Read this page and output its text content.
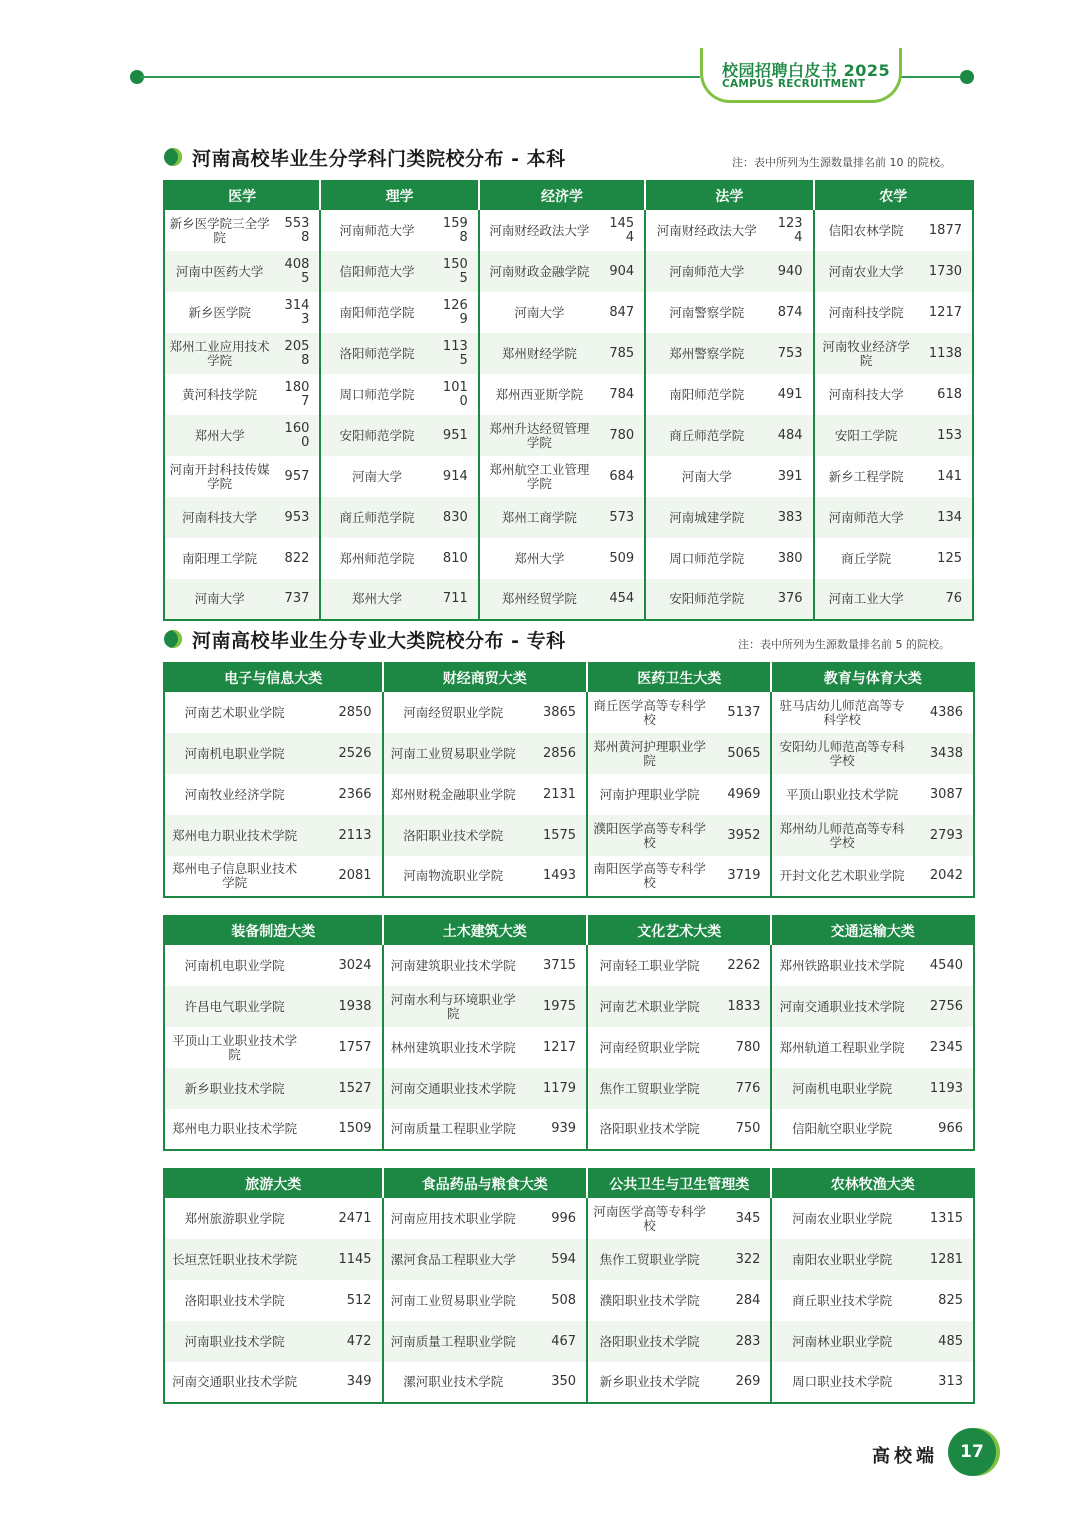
校园招聘白皮书 2025
CAMPUS RECRUITMENT
河南高校毕业生分学科门类院校分布 - 本科	注：表中所列为生源数量排名前 10 的院校。
医学		理学		经济学		法学		农学	
新乡医学院三全学院	5538	河南师范大学	1598	河南财经政法大学	1454	河南财经政法大学	1234	信阳农林学院	1877
河南中医药大学	4085	信阳师范大学	1505	河南财政金融学院	904	河南师范大学	940	河南农业大学	1730
新乡医学院	3143	南阳师范学院	1269	河南大学	847	河南警察学院	874	河南科技学院	1217
郑州工业应用技术学院	2058	洛阳师范学院	1135	郑州财经学院	785	郑州警察学院	753	河南牧业经济学院	1138
黄河科技学院	1807	周口师范学院	1010	郑州西亚斯学院	784	南阳师范学院	491	河南科技大学	618
郑州大学	1600	安阳师范学院	951	郑州升达经贸管理学院	780	商丘师范学院	484	安阳工学院	153
河南开封科技传媒学院	957	河南大学	914	郑州航空工业管理学院	684	河南大学	391	新乡工程学院	141
河南科技大学	953	商丘师范学院	830	郑州工商学院	573	河南城建学院	383	河南师范大学	134
南阳理工学院	822	郑州师范学院	810	郑州大学	509	周口师范学院	380	商丘学院	125
河南大学	737	郑州大学	711	郑州经贸学院	454	安阳师范学院	376	河南工业大学	76
河南高校毕业生分专业大类院校分布 - 专科	注：表中所列为生源数量排名前 5 的院校。
电子与信息大类		财经商贸大类		医药卫生大类		教育与体育大类	
河南艺术职业学院	2850	河南经贸职业学院	3865	商丘医学高等专科学校	5137	驻马店幼儿师范高等专科学校	4386
河南机电职业学院	2526	河南工业贸易职业学院	2856	郑州黄河护理职业学院	5065	安阳幼儿师范高等专科学校	3438
河南牧业经济学院	2366	郑州财税金融职业学院	2131	河南护理职业学院	4969	平顶山职业技术学院	3087
郑州电力职业技术学院	2113	洛阳职业技术学院	1575	濮阳医学高等专科学校	3952	郑州幼儿师范高等专科学校	2793
郑州电子信息职业技术学院	2081	河南物流职业学院	1493	南阳医学高等专科学校	3719	开封文化艺术职业学院	2042
装备制造大类		土木建筑大类		文化艺术大类		交通运输大类	
河南机电职业学院	3024	河南建筑职业技术学院	3715	河南轻工职业学院	2262	郑州铁路职业技术学院	4540
许昌电气职业学院	1938	河南水利与环境职业学院	1975	河南艺术职业学院	1833	河南交通职业技术学院	2756
平顶山工业职业技术学院	1757	林州建筑职业技术学院	1217	河南经贸职业学院	780	郑州轨道工程职业学院	2345
新乡职业技术学院	1527	河南交通职业技术学院	1179	焦作工贸职业学院	776	河南机电职业学院	1193
郑州电力职业技术学院	1509	河南质量工程职业学院	939	洛阳职业技术学院	750	信阳航空职业学院	966
旅游大类		食品药品与粮食大类		公共卫生与卫生管理类		农林牧渔大类	
郑州旅游职业学院	2471	河南应用技术职业学院	996	河南医学高等专科学校	345	河南农业职业学院	1315
长垣烹饪职业技术学院	1145	漯河食品工程职业大学	594	焦作工贸职业学院	322	南阳农业职业学院	1281
洛阳职业技术学院	512	河南工业贸易职业学院	508	濮阳职业技术学院	284	商丘职业技术学院	825
河南职业技术学院	472	河南质量工程职业学院	467	洛阳职业技术学院	283	河南林业职业学院	485
河南交通职业技术学院	349	漯河职业技术学院	350	新乡职业技术学院	269	周口职业技术学院	313
高校端	17
